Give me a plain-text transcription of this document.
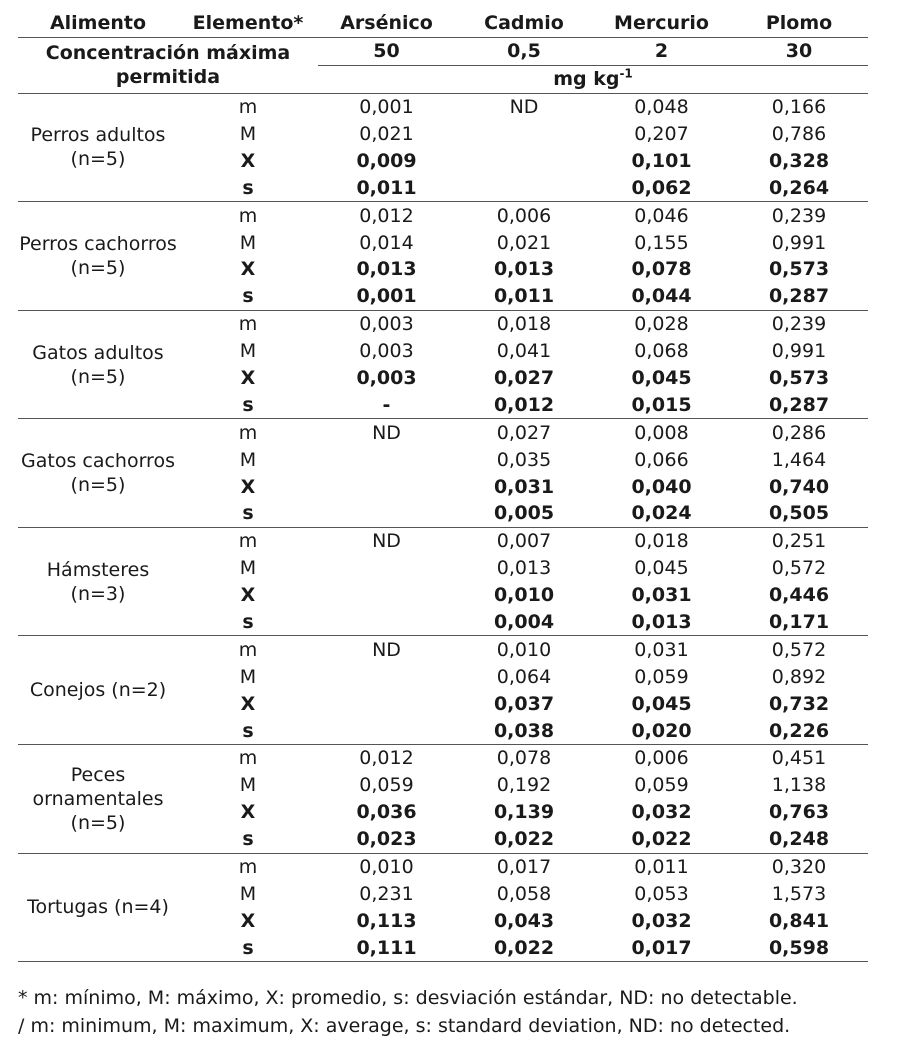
Alimento	Elemento*	Arsénico	Cadmio	Mercurio	Plomo
Concentración máxima permitida		50	0,5	2	30
		mg $kg^{-1}$
Perros adultos (n=5)	m	0,001	ND	0,048	0,166
	M	0,021		0,207	0,786
	X	0,009		0,101	0,328
	s	0,011		0,062	0,264
Perros cachorros (n=5)	m	0,012	0,006	0,046	0,239
	M	0,014	0,021	0,155	0,991
	X	0,013	0,013	0,078	0,573
	s	0,001	0,011	0,044	0,287
Gatos adultos (n=5)	m	0,003	0,018	0,028	0,239
	M	0,003	0,041	0,068	0,991
	X	0,003	0,027	0,045	0,573
	s	-	0,012	0,015	0,287
Gatos cachorros (n=5)	m	ND	0,027	0,008	0,286
	M		0,035	0,066	1,464
	X		0,031	0,040	0,740
	s		0,005	0,024	0,505
Hámsteres (n=3)	m	ND	0,007	0,018	0,251
	M		0,013	0,045	0,572
	X		0,010	0,031	0,446
	s		0,004	0,013	0,171
Conejos (n=2)	m	ND	0,010	0,031	0,572
	M		0,064	0,059	0,892
	X		0,037	0,045	0,732
	s		0,038	0,020	0,226
Peces ornamentales (n=5)	m	0,012	0,078	0,006	0,451
	M	0,059	0,192	0,059	1,138
	X	0,036	0,139	0,032	0,763
	s	0,023	0,022	0,022	0,248
Tortugas (n=4)	m	0,010	0,017	0,011	0,320
	M	0,231	0,058	0,053	1,573
	X	0,113	0,043	0,032	0,841
	s	0,111	0,022	0,017	0,598
* m: mínimo, M: máximo, X: promedio, s: desviación estándar, ND: no detectable.
/ m: minimum, M: maximum, X: average, s: standard deviation, ND: no detected.
